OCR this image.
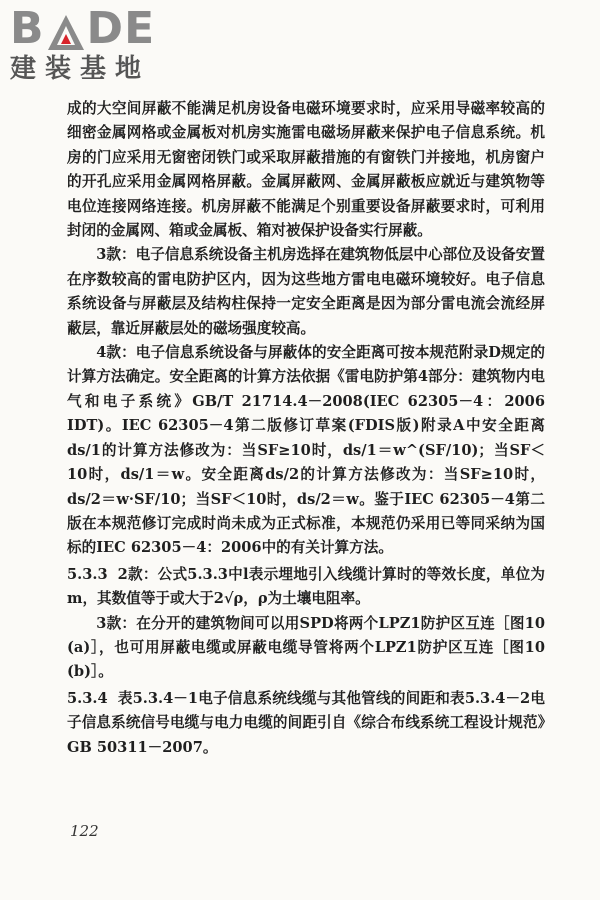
B DE
建装基地

成的大空间屏蔽不能满足机房设备电磁环境要求时，应采用导磁率较高的细密金属网格或金属板对机房实施雷电磁场屏蔽来保护电子信息系统。机房的门应采用无窗密闭铁门或采取屏蔽措施的有窗铁门并接地，机房窗户的开孔应采用金属网格屏蔽。金属屏蔽网、金属屏蔽板应就近与建筑物等电位连接网络连接。机房屏蔽不能满足个别重要设备屏蔽要求时，可利用封闭的金属网、箱或金属板、箱对被保护设备实行屏蔽。

3款：电子信息系统设备主机房选择在建筑物低层中心部位及设备安置在序数较高的雷电防护区内，因为这些地方雷电电磁环境较好。电子信息系统设备与屏蔽层及结构柱保持一定安全距离是因为部分雷电流会流经屏蔽层，靠近屏蔽层处的磁场强度较高。

4款：电子信息系统设备与屏蔽体的安全距离可按本规范附录D规定的计算方法确定。安全距离的计算方法依据《雷电防护第4部分：建筑物内电气和电子系统》GB/T 21714.4－2008(IEC 62305－4：2006 IDT)。IEC 62305－4第二版修订草案(FDIS版)附录A中安全距离ds/1的计算方法修改为：当SF≥10时，ds/1＝w^(SF/10)；当SF＜10时，ds/1＝w。安全距离ds/2的计算方法修改为：当SF≥10时，ds/2＝w·SF/10；当SF＜10时，ds/2＝w。鉴于IEC 62305－4第二版在本规范修订完成时尚未成为正式标准，本规范仍采用已等同采纳为国标的IEC 62305－4：2006中的有关计算方法。

5.3.3 2款：公式5.3.3中l表示埋地引入线缆计算时的等效长度，单位为m，其数值等于或大于2√ρ，ρ为土壤电阻率。

3款：在分开的建筑物间可以用SPD将两个LPZ1防护区互连［图10 (a)］，也可用屏蔽电缆或屏蔽电缆导管将两个LPZ1防护区互连［图10 (b)］。

5.3.4 表5.3.4－1电子信息系统线缆与其他管线的间距和表5.3.4－2电子信息系统信号电缆与电力电缆的间距引自《综合布线系统工程设计规范》GB 50311－2007。

122
